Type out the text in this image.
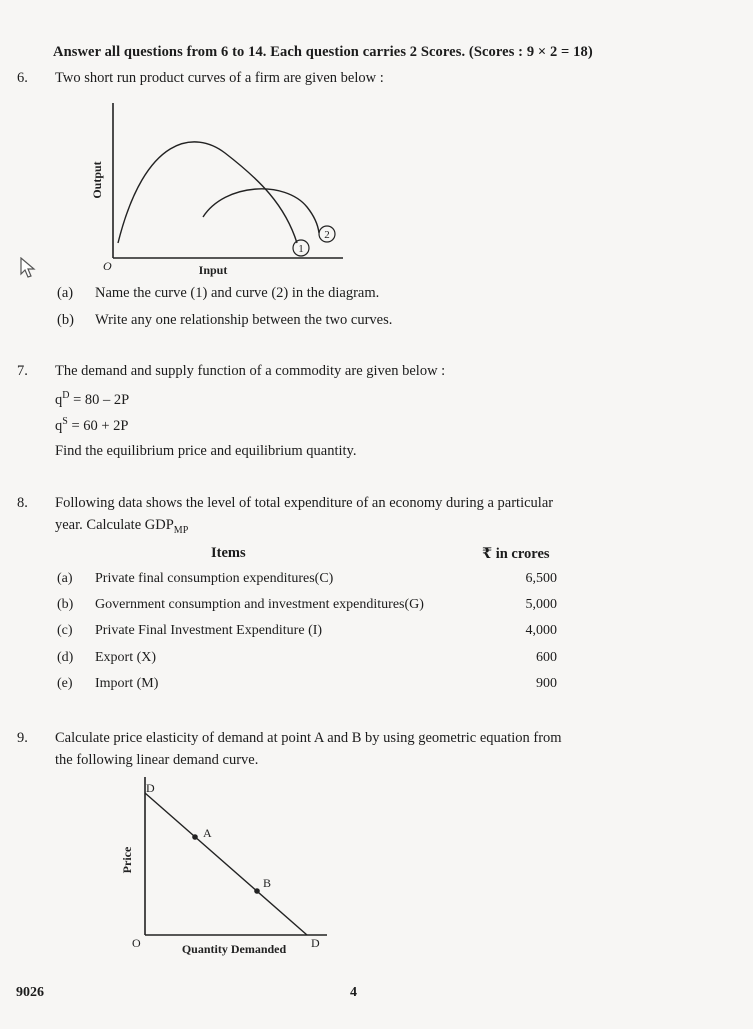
Answer all questions from 6 to 14. Each question carries 2 Scores. (Scores : 9 × 2 = 18)
6. Two short run product curves of a firm are given below :
1
2
Output
O	Input
(a) Name the curve (1) and curve (2) in the diagram.
(b) Write any one relationship between the two curves.
7. The demand and supply function of a commodity are given below :
$q^D = 80 - 2P$
$q^S = 60 + 2P$
Find the equilibrium price and equilibrium quantity.
8. Following data shows the level of total expenditure of an economy during a particular
year. Calculate $GDP_{MP}$
Items	₹ in crores
(a) Private final consumption expenditures(C)	6,500
(b) Government consumption and investment expenditures(G)	5,000
(c) Private Final Investment Expenditure (I)	4,000
(d) Export (X)	600
(e) Import (M)	900
9. Calculate price elasticity of demand at point A and B by using geometric equation from
the following linear demand curve.
D
A
B
Price
O	Quantity Demanded D
9026	4
